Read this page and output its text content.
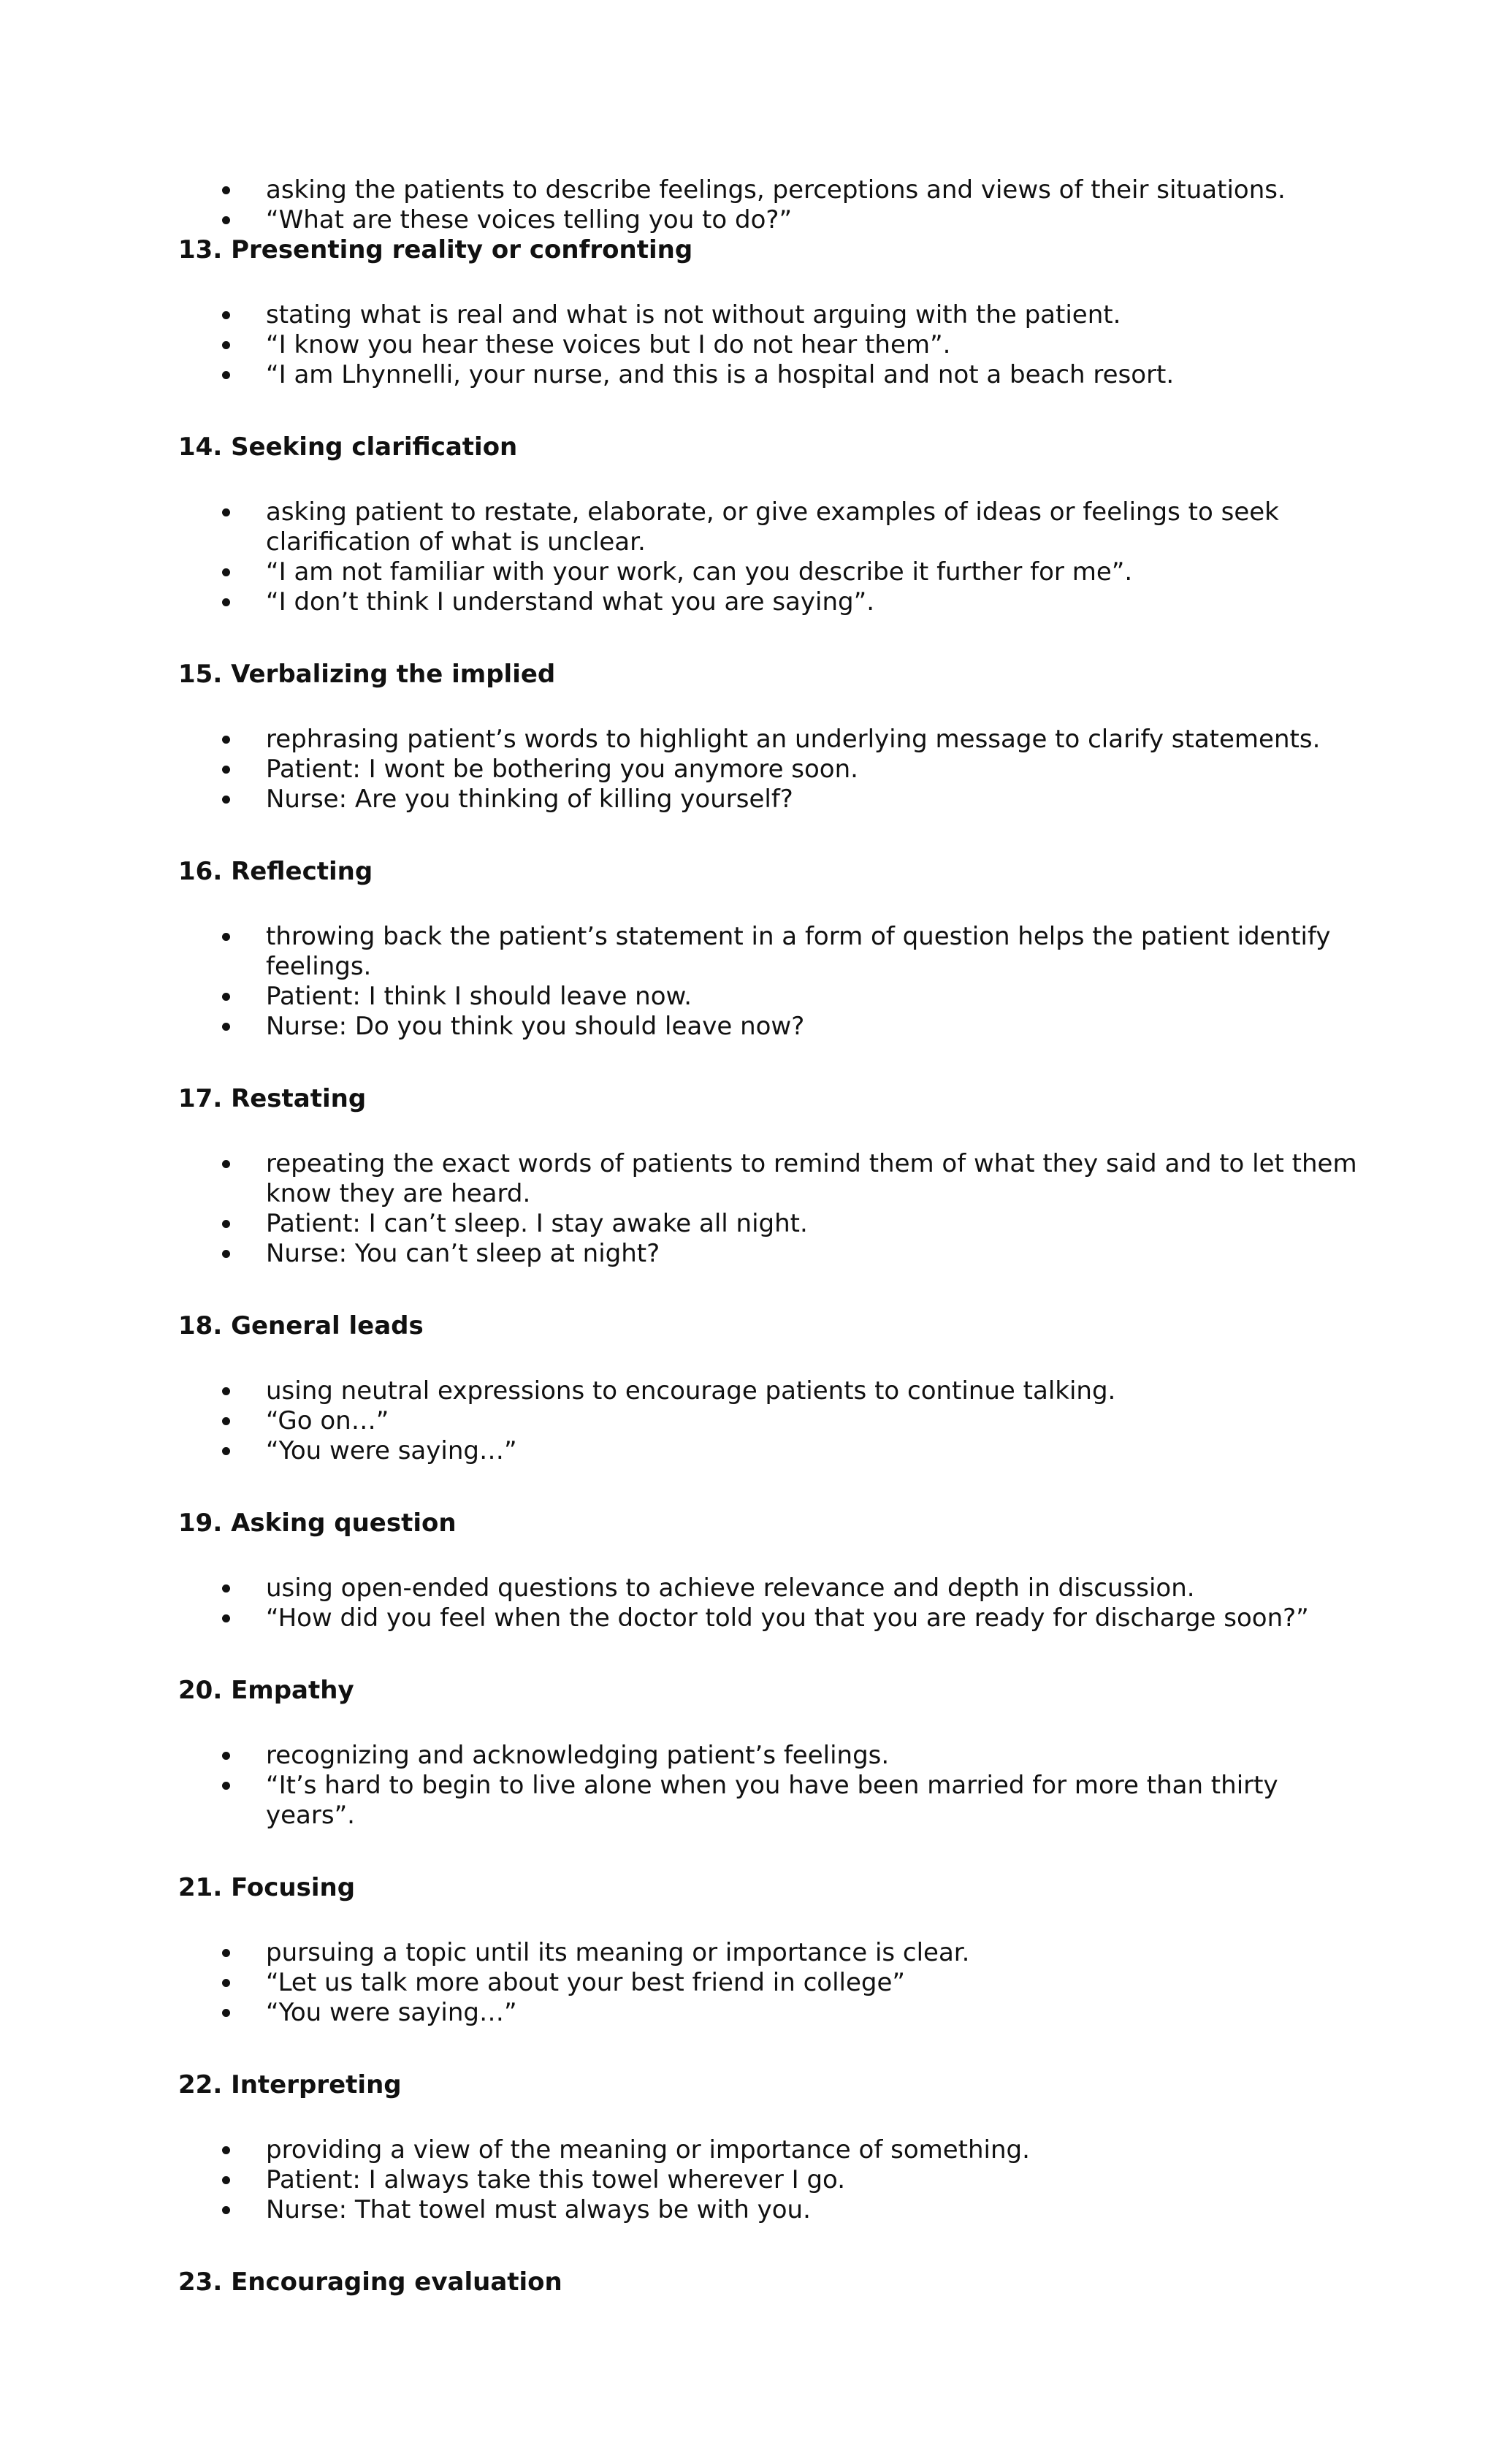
asking the patients to describe feelings, perceptions and views of their situations.
“What are these voices telling you to do?”
13. Presenting reality or confronting
stating what is real and what is not without arguing with the patient.
“I know you hear these voices but I do not hear them”.
“I am Lhynnelli, your nurse, and this is a hospital and not a beach resort.
14. Seeking clarification
asking patient to restate, elaborate, or give examples of ideas or feelings to seek clarification of what is unclear.
“I am not familiar with your work, can you describe it further for me”.
“I don’t think I understand what you are saying”.
15. Verbalizing the implied
rephrasing patient’s words to highlight an underlying message to clarify statements.
Patient: I wont be bothering you anymore soon.
Nurse: Are you thinking of killing yourself?
16. Reflecting
throwing back the patient’s statement in a form of question helps the patient identify feelings.
Patient: I think I should leave now.
Nurse: Do you think you should leave now?
17. Restating
repeating the exact words of patients to remind them of what they said and to let them know they are heard.
Patient: I can’t sleep. I stay awake all night.
Nurse: You can’t sleep at night?
18. General leads
using neutral expressions to encourage patients to continue talking.
“Go on…”
“You were saying…”
19. Asking question
using open-ended questions to achieve relevance and depth in discussion.
“How did you feel when the doctor told you that you are ready for discharge soon?”
20. Empathy
recognizing and acknowledging patient’s feelings.
“It’s hard to begin to live alone when you have been married for more than thirty years”.
21. Focusing
pursuing a topic until its meaning or importance is clear.
“Let us talk more about your best friend in college”
“You were saying…”
22. Interpreting
providing a view of the meaning or importance of something.
Patient: I always take this towel wherever I go.
Nurse: That towel must always be with you.
23. Encouraging evaluation
